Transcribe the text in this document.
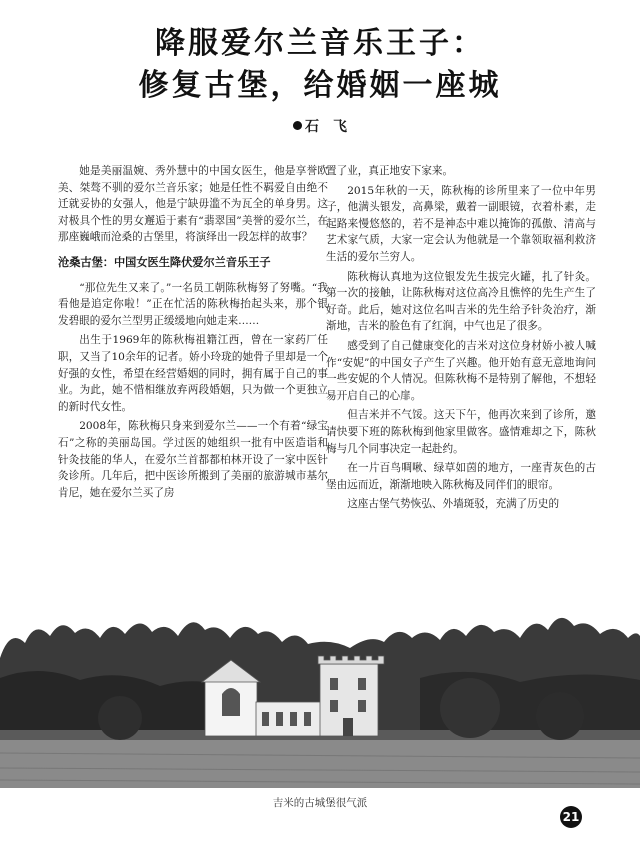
降服爱尔兰音乐王子：
修复古堡，给婚姻一座城
石　飞

她是美丽温婉、秀外慧中的中国女医生，他是享誉欧美、桀骜不驯的爱尔兰音乐家；她是任性不羁爱自由绝不迁就妥协的女强人，他是宁缺毋滥不为瓦全的单身男。这对极具个性的男女邂逅于素有“翡翠国”美誉的爱尔兰，在那座巍峨而沧桑的古堡里，将演绎出一段怎样的故事？

沧桑古堡：中国女医生降伏爱尔兰音乐王子

“那位先生又来了。”一名员工朝陈秋梅努了努嘴。“我看他是追定你啦！”正在忙活的陈秋梅抬起头来，那个银发碧眼的爱尔兰型男正缓缓地向她走来……

出生于1969年的陈秋梅祖籍江西，曾在一家药厂任职，又当了10余年的记者。娇小玲珑的她骨子里却是一个好强的女性，希望在经营婚姻的同时，拥有属于自己的事业。为此，她不惜相继放弃两段婚姻，只为做一个更独立的新时代女性。

2008年，陈秋梅只身来到爱尔兰——一个有着“绿宝石”之称的美丽岛国。学过医的她组织一批有中医造诣和针灸技能的华人，在爱尔兰首都都柏林开设了一家中医针灸诊所。几年后，把中医诊所搬到了美丽的旅游城市基尔肯尼，她在爱尔兰买了房

置了业，真正地安下家来。

2015年秋的一天，陈秋梅的诊所里来了一位中年男子，他满头银发，高鼻梁，戴着一副眼镜，衣着朴素，走起路来慢悠悠的，若不是神态中难以掩饰的孤傲、清高与艺术家气质，大家一定会认为他就是一个靠领取福利救济生活的爱尔兰穷人。

陈秋梅认真地为这位银发先生拔完火罐，扎了针灸。第一次的接触，让陈秋梅对这位高冷且憔悴的先生产生了好奇。此后，她对这位名叫吉米的先生给予针灸治疗，渐渐地，吉米的脸色有了红润，中气也足了很多。

感受到了自己健康变化的吉米对这位身材娇小被人喊作“安妮”的中国女子产生了兴趣。他开始有意无意地询问一些安妮的个人情况。但陈秋梅不是特别了解他，不想轻易开启自己的心扉。

但吉米并不气馁。这天下午，他再次来到了诊所，邀请快要下班的陈秋梅到他家里做客。盛情难却之下，陈秋梅与几个同事决定一起赴约。

在一片百鸟啁啾、绿草如茵的地方，一座青灰色的古堡由远而近，渐渐地映入陈秋梅及同伴们的眼帘。

这座古堡气势恢弘、外墙斑驳，充满了历史的

吉米的古城堡很气派
21
